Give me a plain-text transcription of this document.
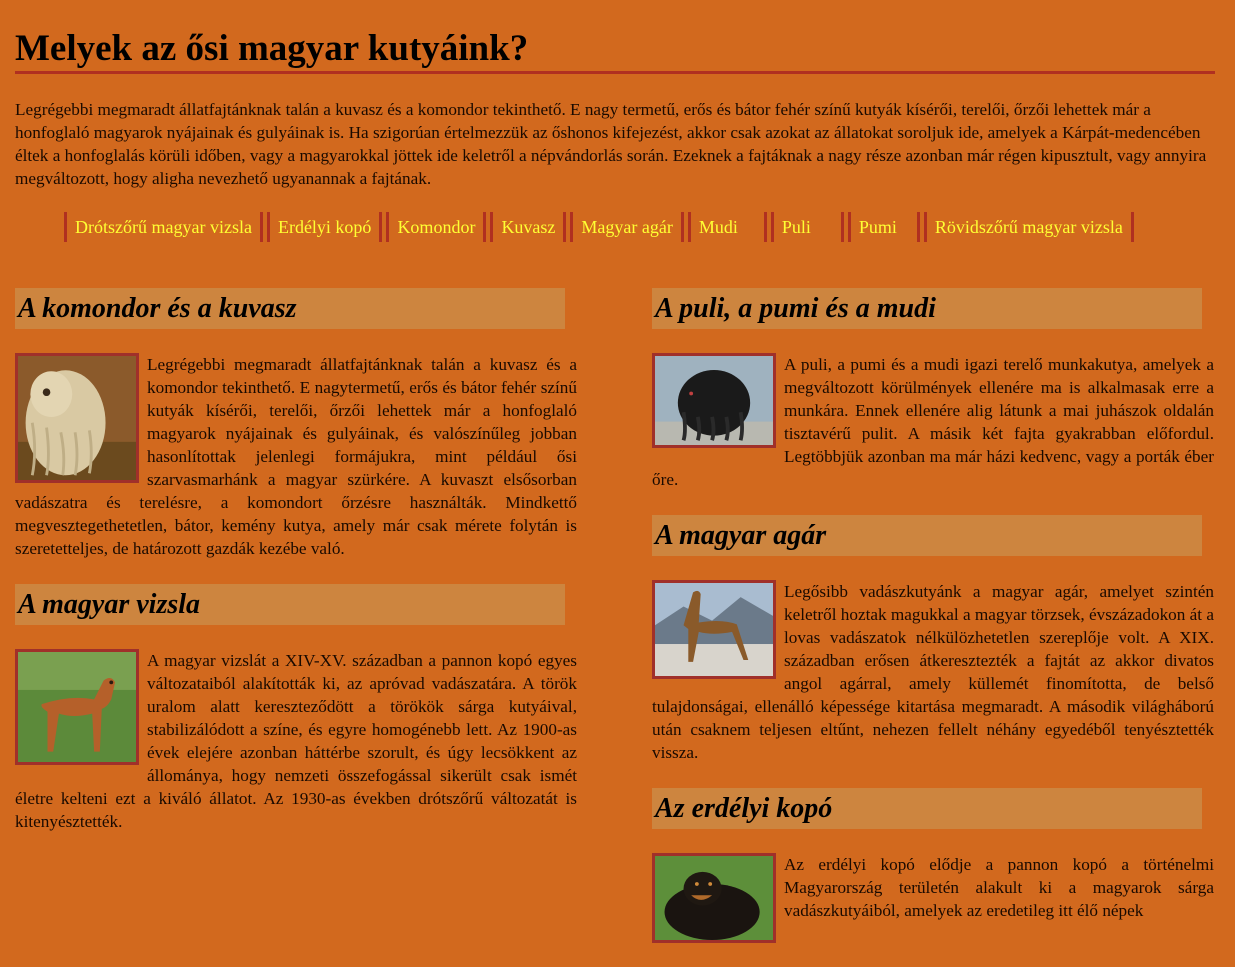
Melyek az ősi magyar kutyáink?

Legrégebbi megmaradt állatfajtánknak talán a kuvasz és a komondor tekinthető. E nagy termetű, erős és bátor fehér színű kutyák kísérői, terelői, őrzői lehettek már a honfoglaló magyarok nyájainak és gulyáinak is. Ha szigorúan értelmezzük az őshonos kifejezést, akkor csak azokat az állatokat soroljuk ide, amelyek a Kárpát-medencében éltek a honfoglalás körüli időben, vagy a magyarokkal jöttek ide keletről a népvándorlás során. Ezeknek a fajtáknak a nagy része azonban már régen kipusztult, vagy annyira megváltozott, hogy aligha nevezhető ugyanannak a fajtának.

Drótszőrű magyar vizsla	Erdélyi kopó	Komondor	Kuvasz	Magyar agár	Mudi	Puli	Pumi	Rövidszőrű magyar vizsla
A komondor és a kuvasz
Legrégebbi megmaradt állatfajtánknak talán a kuvasz és a komondor tekinthető. E nagytermetű, erős és bátor fehér színű kutyák kísérői, terelői, őrzői lehettek már a honfoglaló magyarok nyájainak és gulyáinak, és valószínűleg jobban hasonlítottak jelenlegi formájukra, mint például ősi szarvasmarhánk a magyar szürkére. A kuvaszt elsősorban vadászatra és terelésre, a komondort őrzésre használták. Mindkettő megvesztegethetetlen, bátor, kemény kutya, amely már csak mérete folytán is szeretetteljes, de határozott gazdák kezébe való.
A magyar vizsla
A magyar vizslát a XIV-XV. században a pannon kopó egyes változataiból alakították ki, az apróvad vadászatára. A török uralom alatt kereszteződött a törökök sárga kutyáival, stabilizálódott a színe, és egyre homogénebb lett. Az 1900-as évek elejére azonban háttérbe szorult, és úgy lecsökkent az állománya, hogy nemzeti összefogással sikerült csak ismét életre kelteni ezt a kiváló állatot. Az 1930-as években drótszőrű változatát is kitenyésztették.
A puli, a pumi és a mudi
A puli, a pumi és a mudi igazi terelő munkakutya, amelyek a megváltozott körülmények ellenére ma is alkalmasak erre a munkára. Ennek ellenére alig látunk a mai juhászok oldalán tisztavérű pulit. A másik két fajta gyakrabban előfordul. Legtöbbjük azonban ma már házi kedvenc, vagy a porták éber őre.
A magyar agár
Legősibb vadászkutyánk a magyar agár, amelyet szintén keletről hoztak magukkal a magyar törzsek, évszázadokon át a lovas vadászatok nélkülözhetetlen szereplője volt. A XIX. században erősen átkeresztezték a fajtát az akkor divatos angol agárral, amely küllemét finomította, de belső tulajdonságai, ellenálló képessége kitartása megmaradt. A második világháború után csaknem teljesen eltűnt, nehezen fellelt néhány egyedéből tenyésztették vissza.
Az erdélyi kopó
Az erdélyi kopó elődje a pannon kopó a történelmi Magyarország területén alakult ki a magyarok sárga vadászkutyáiból, amelyek az eredetileg itt élő népek
